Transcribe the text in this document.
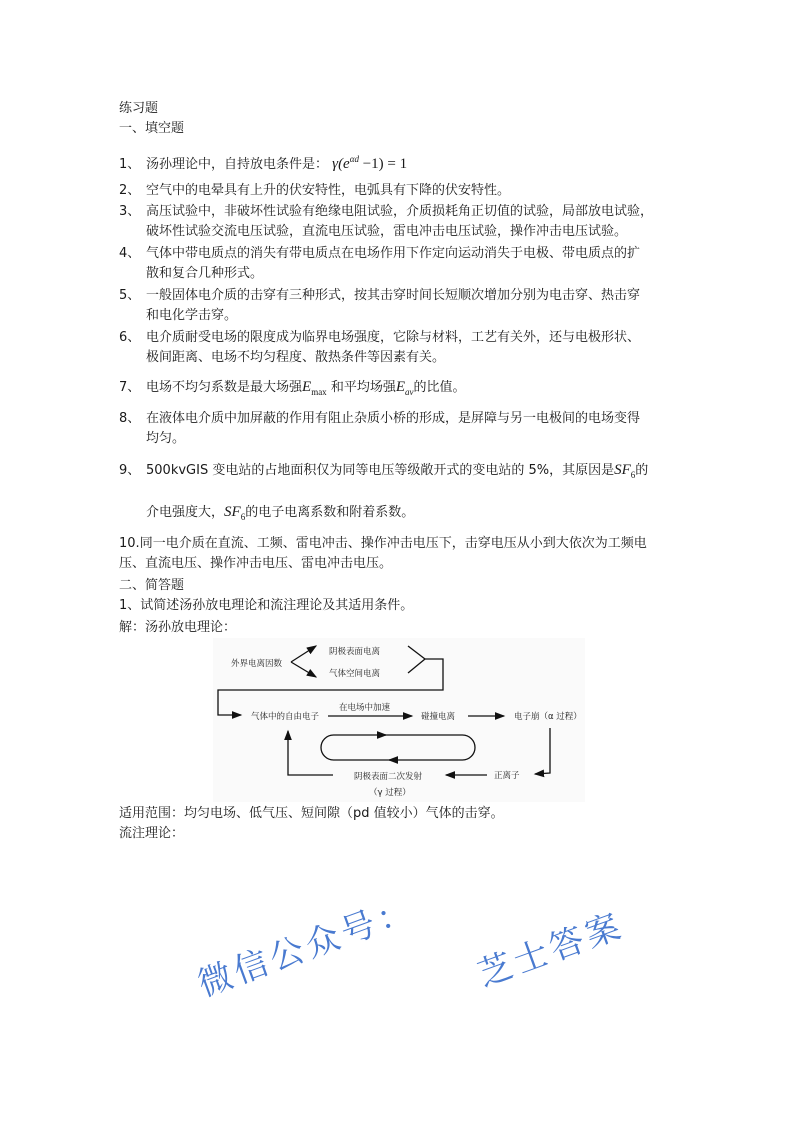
练习题
一、填空题
1、 汤孙理论中，自持放电条件是： $\gamma(e^{\alpha d} -1) = 1$
2、 空气中的电晕具有上升的伏安特性，电弧具有下降的伏安特性。
3、 高压试验中，非破坏性试验有绝缘电阻试验，介质损耗角正切值的试验，局部放电试验，
破坏性试验交流电压试验，直流电压试验，雷电冲击电压试验，操作冲击电压试验。
4、 气体中带电质点的消失有带电质点在电场作用下作定向运动消失于电极、带电质点的扩
散和复合几种形式。
5、 一般固体电介质的击穿有三种形式，按其击穿时间长短顺次增加分别为电击穿、热击穿
和电化学击穿。
6、 电介质耐受电场的限度成为临界电场强度，它除与材料，工艺有关外，还与电极形状、
极间距离、电场不均匀程度、散热条件等因素有关。
7、 电场不均匀系数是最大场强$E_{max}$ 和平均场强$E_{av}$的比值。
8、 在液体电介质中加屏蔽的作用有阻止杂质小桥的形成，是屏障与另一电极间的电场变得
均匀。
9、 500kvGIS 变电站的占地面积仅为同等电压等级敞开式的变电站的 5%，其原因是$SF_6$的
介电强度大，$SF_6$的电子电离系数和附着系数。
10.同一电介质在直流、工频、雷电冲击、操作冲击电压下，击穿电压从小到大依次为工频电
压、直流电压、操作冲击电压、雷电冲击电压。
二、简答题
1、试简述汤孙放电理论和流注理论及其适用条件。
解：汤孙放电理论：
外界电离因数
阴极表面电离
气体空间电离
气体中的自由电子
在电场中加速
碰撞电离	电子崩（α 过程）
正离子
阴极表面二次发射
（γ 过程）
适用范围：均匀电场、低气压、短间隙（pd 值较小）气体的击穿。
流注理论：
微信公众号： 芝士答案
